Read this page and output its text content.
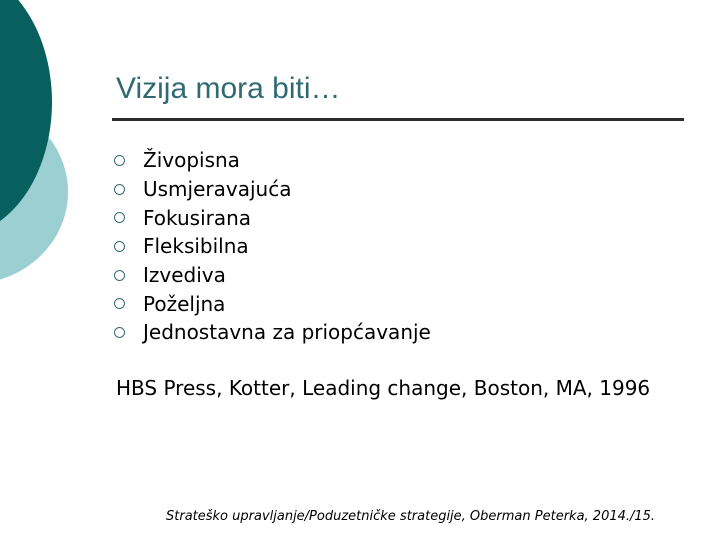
Vizija mora biti…
Živopisna
Usmjeravajuća
Fokusirana
Fleksibilna
Izvediva
Poželjna
Jednostavna za priopćavanje
HBS Press, Kotter, Leading change, Boston, MA, 1996
Strateško upravljanje/Poduzetničke strategije, Oberman Peterka, 2014./15.
